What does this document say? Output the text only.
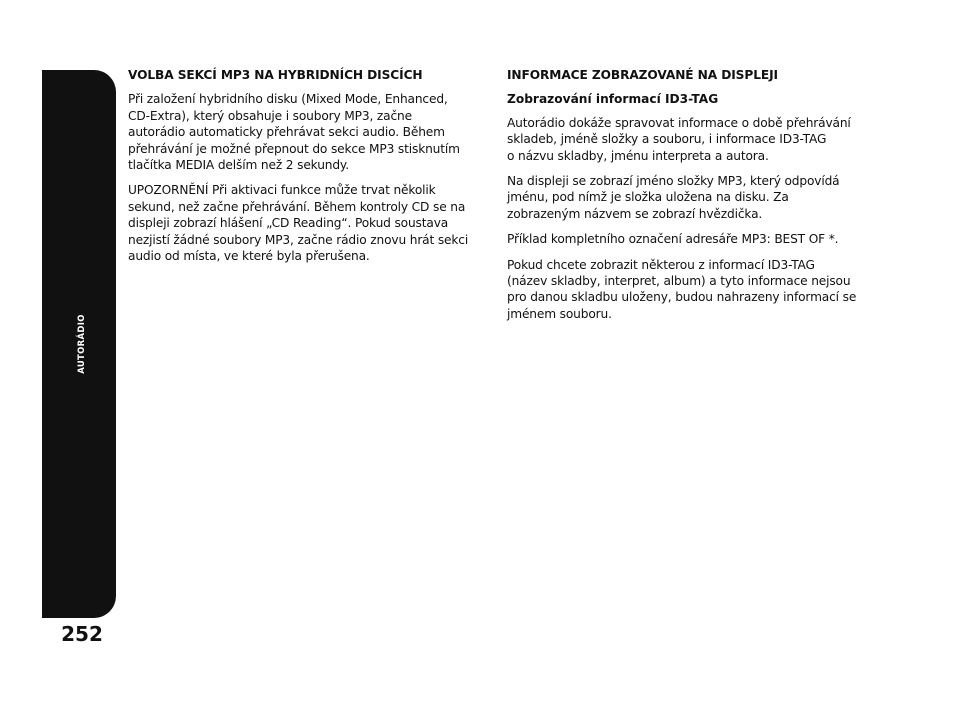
AUTORÁDIO
252
VOLBA SEKCÍ MP3 NA HYBRIDNÍCH DISCÍCH
Při založení hybridního disku (Mixed Mode, Enhanced,
CD-Extra), který obsahuje i soubory MP3, začne
autorádio automaticky přehrávat sekci audio. Během
přehrávání je možné přepnout do sekce MP3 stisknutím
tlačítka MEDIA delším než 2 sekundy.
UPOZORNĚNÍ Při aktivaci funkce může trvat několik
sekund, než začne přehrávání. Během kontroly CD se na
displeji zobrazí hlášení „CD Reading“. Pokud soustava
nezjistí žádné soubory MP3, začne rádio znovu hrát sekci
audio od místa, ve které byla přerušena.
INFORMACE ZOBRAZOVANÉ NA DISPLEJI
Zobrazování informací ID3-TAG
Autorádio dokáže spravovat informace o době přehrávání
skladeb, jméně složky a souboru, i informace ID3-TAG
o názvu skladby, jménu interpreta a autora.
Na displeji se zobrazí jméno složky MP3, který odpovídá
jménu, pod nímž je složka uložena na disku. Za
zobrazeným názvem se zobrazí hvězdička.
Příklad kompletního označení adresáře MP3: BEST OF *.
Pokud chcete zobrazit některou z informací ID3-TAG
(název skladby, interpret, album) a tyto informace nejsou
pro danou skladbu uloženy, budou nahrazeny informací se
jménem souboru.
